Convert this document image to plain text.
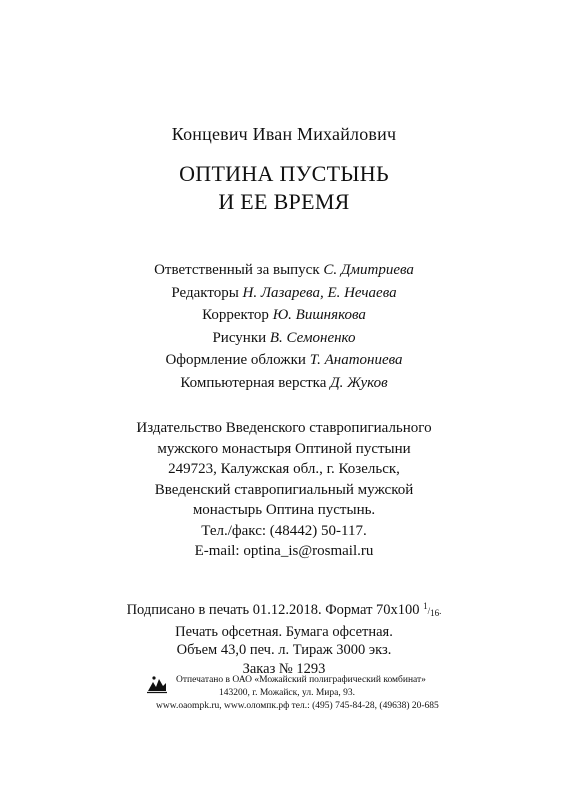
Концевич Иван Михайлович
ОПТИНА ПУСТЫНЬ
И ЕЕ ВРЕМЯ
Ответственный за выпуск С. Дмитриева
Редакторы Н. Лазарева, Е. Нечаева
Корректор Ю. Вишнякова
Рисунки В. Семоненко
Оформление обложки Т. Анатониева
Компьютерная верстка Д. Жуков
Издательство Введенского ставропигиального
мужского монастыря Оптиной пустыни
249723, Калужская обл., г. Козельск,
Введенский ставропигиальный мужской
монастырь Оптина пустынь.
Тел./факс: (48442) 50-117.
E-mail: optina_is@rosmail.ru
Подписано в печать 01.12.2018. Формат 70x100 $^1/_{16}$.
Печать офсетная. Бумага офсетная.
Объем 43,0 печ. л. Тираж 3000 экз.
Заказ № 1293
Отпечатано в ОАО «Можайский полиграфический комбинат»
143200, г. Можайск, ул. Мира, 93.
www.oaompk.ru, www.оломпк.рф тел.: (495) 745-84-28, (49638) 20-685
